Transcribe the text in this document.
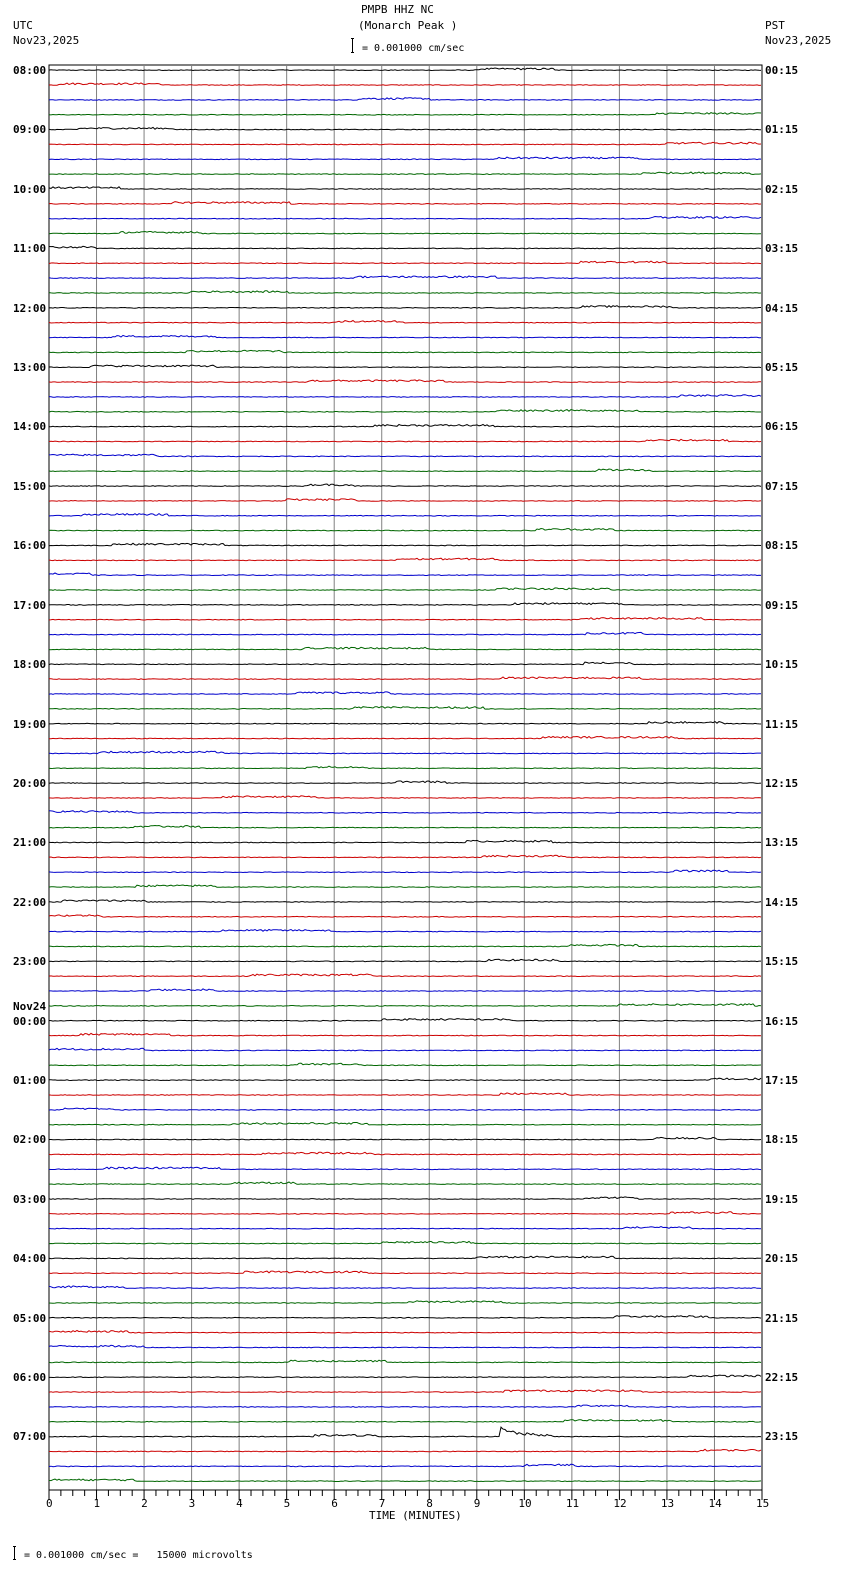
PMPB HHZ NC
(Monarch Peak )
UTC
Nov23,2025
PST
Nov23,2025
= 0.001000 cm/sec
TIME (MINUTES)
= 0.001000 cm/sec =   15000 microvolts
0	1	2	3	4	5	6	7	8	9	10	11	12	13	14	15
08:00
09:00
10:00
11:00
12:00
13:00
14:00
15:00
16:00
17:00
18:00
19:00
20:00
21:00
22:00
23:00
00:00
01:00
02:00
03:00
04:00
05:00
06:00
07:00
Nov24
00:15
01:15
02:15
03:15
04:15
05:15
06:15
07:15
08:15
09:15
10:15
11:15
12:15
13:15
14:15
15:15
16:15
17:15
18:15
19:15
20:15
21:15
22:15
23:15
